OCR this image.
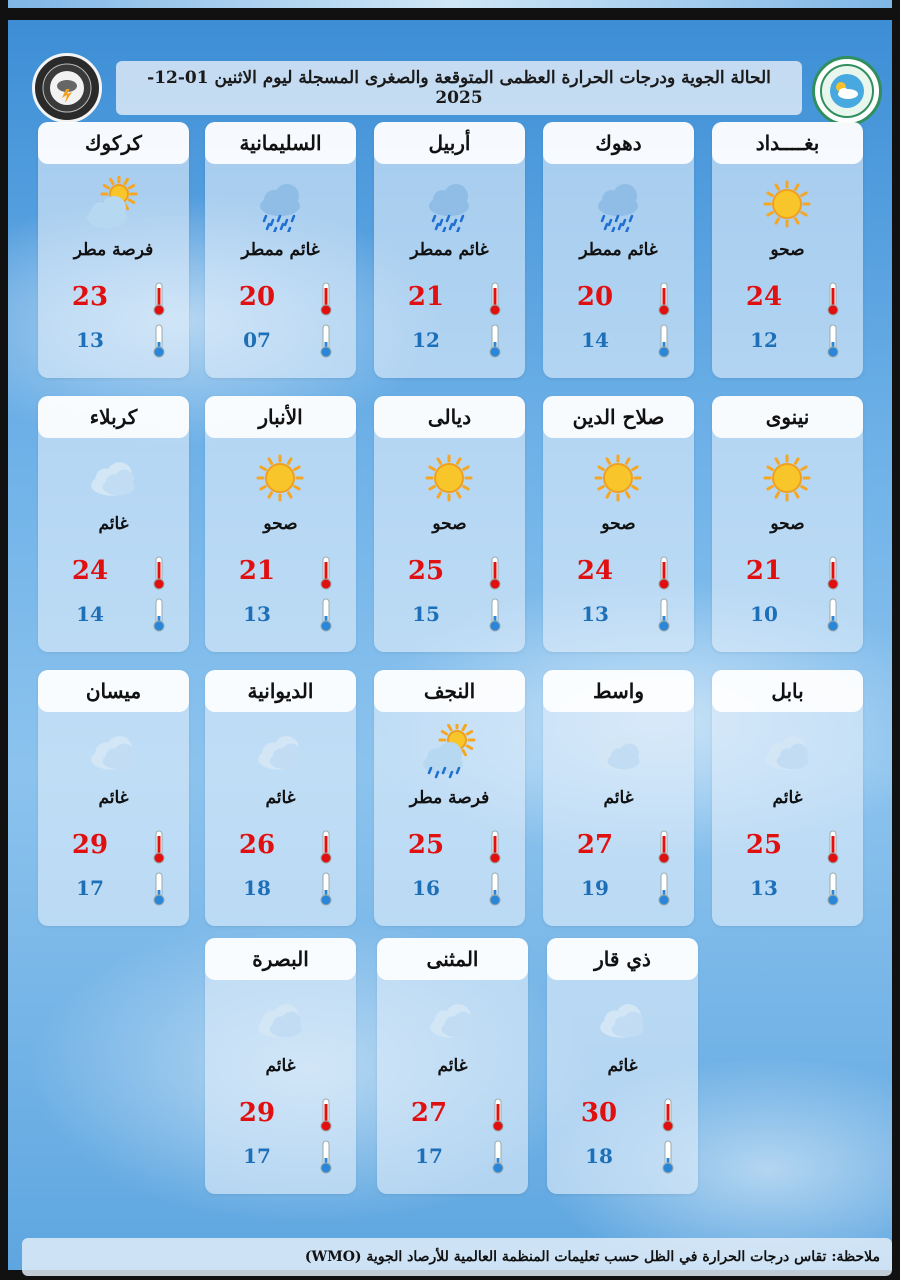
الحالة الجوية ودرجات الحرارة العظمى المتوقعة والصغرى المسجلة ليوم الاثنين 01-12-2025
بغــــداد
صحو
24
12
دهوك
غائم ممطر
20
14
أربيل
غائم ممطر
21
12
السليمانية
غائم ممطر
20
07
كركوك
فرصة مطر
23
13
نينوى
صحو
21
10
صلاح الدين
صحو
24
13
ديالى
صحو
25
15
الأنبار
صحو
21
13
كربلاء
غائم
24
14
بابل
غائم
25
13
واسط
غائم
27
19
النجف
فرصة مطر
25
16
الديوانية
غائم
26
18
ميسان
غائم
29
17
ذي قار
غائم
30
18
المثنى
غائم
27
17
البصرة
غائم
29
17
ملاحظة: تقاس درجات الحرارة في الظل حسب تعليمات المنظمة العالمية للأرصاد الجوية (WMO)
